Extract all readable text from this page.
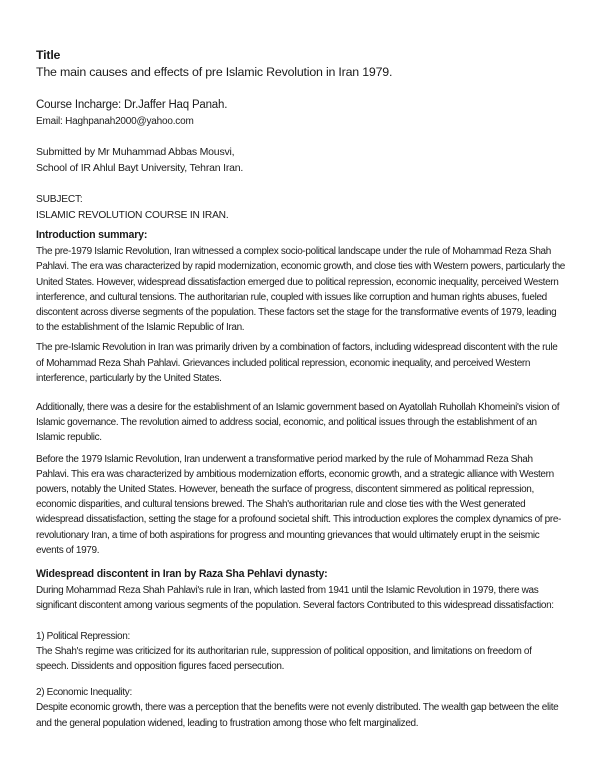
Title

The main causes and effects of pre Islamic Revolution in Iran 1979.

Course Incharge: Dr.Jaffer Haq Panah.

Email: Haghpanah2000@yahoo.com

Submitted by Mr Muhammad Abbas Mousvi,

School of IR Ahlul Bayt University, Tehran Iran.

SUBJECT:

ISLAMIC REVOLUTION COURSE IN IRAN.

Introduction summary:

The pre-1979 Islamic Revolution, Iran witnessed a complex socio-political landscape under the rule of Mohammad Reza Shah Pahlavi. The era was characterized by rapid modernization, economic growth, and close ties with Western powers, particularly the United States. However, widespread dissatisfaction emerged due to political repression, economic inequality, perceived Western interference, and cultural tensions. The authoritarian rule, coupled with issues like corruption and human rights abuses, fueled discontent across diverse segments of the population. These factors set the stage for the transformative events of 1979, leading to the establishment of the Islamic Republic of Iran.

The pre-Islamic Revolution in Iran was primarily driven by a combination of factors, including widespread discontent with the rule of Mohammad Reza Shah Pahlavi. Grievances included political repression, economic inequality, and perceived Western interference, particularly by the United States.

Additionally, there was a desire for the establishment of an Islamic government based on Ayatollah Ruhollah Khomeini's vision of Islamic governance. The revolution aimed to address social, economic, and political issues through the establishment of an Islamic republic.

Before the 1979 Islamic Revolution, Iran underwent a transformative period marked by the rule of Mohammad Reza Shah Pahlavi. This era was characterized by ambitious modernization efforts, economic growth, and a strategic alliance with Western powers, notably the United States. However, beneath the surface of progress, discontent simmered as political repression, economic disparities, and cultural tensions brewed. The Shah's authoritarian rule and close ties with the West generated widespread dissatisfaction, setting the stage for a profound societal shift. This introduction explores the complex dynamics of pre-revolutionary Iran, a time of both aspirations for progress and mounting grievances that would ultimately erupt in the seismic events of 1979.

Widespread discontent in Iran by Raza Sha Pehlavi dynasty:

During Mohammad Reza Shah Pahlavi's rule in Iran, which lasted from 1941 until the Islamic Revolution in 1979, there was significant discontent among various segments of the population. Several factors Contributed to this widespread dissatisfaction:

1) Political Repression:

The Shah's regime was criticized for its authoritarian rule, suppression of political opposition, and limitations on freedom of speech. Dissidents and opposition figures faced persecution.

2) Economic Inequality:

Despite economic growth, there was a perception that the benefits were not evenly distributed. The wealth gap between the elite and the general population widened, leading to frustration among those who felt marginalized.
